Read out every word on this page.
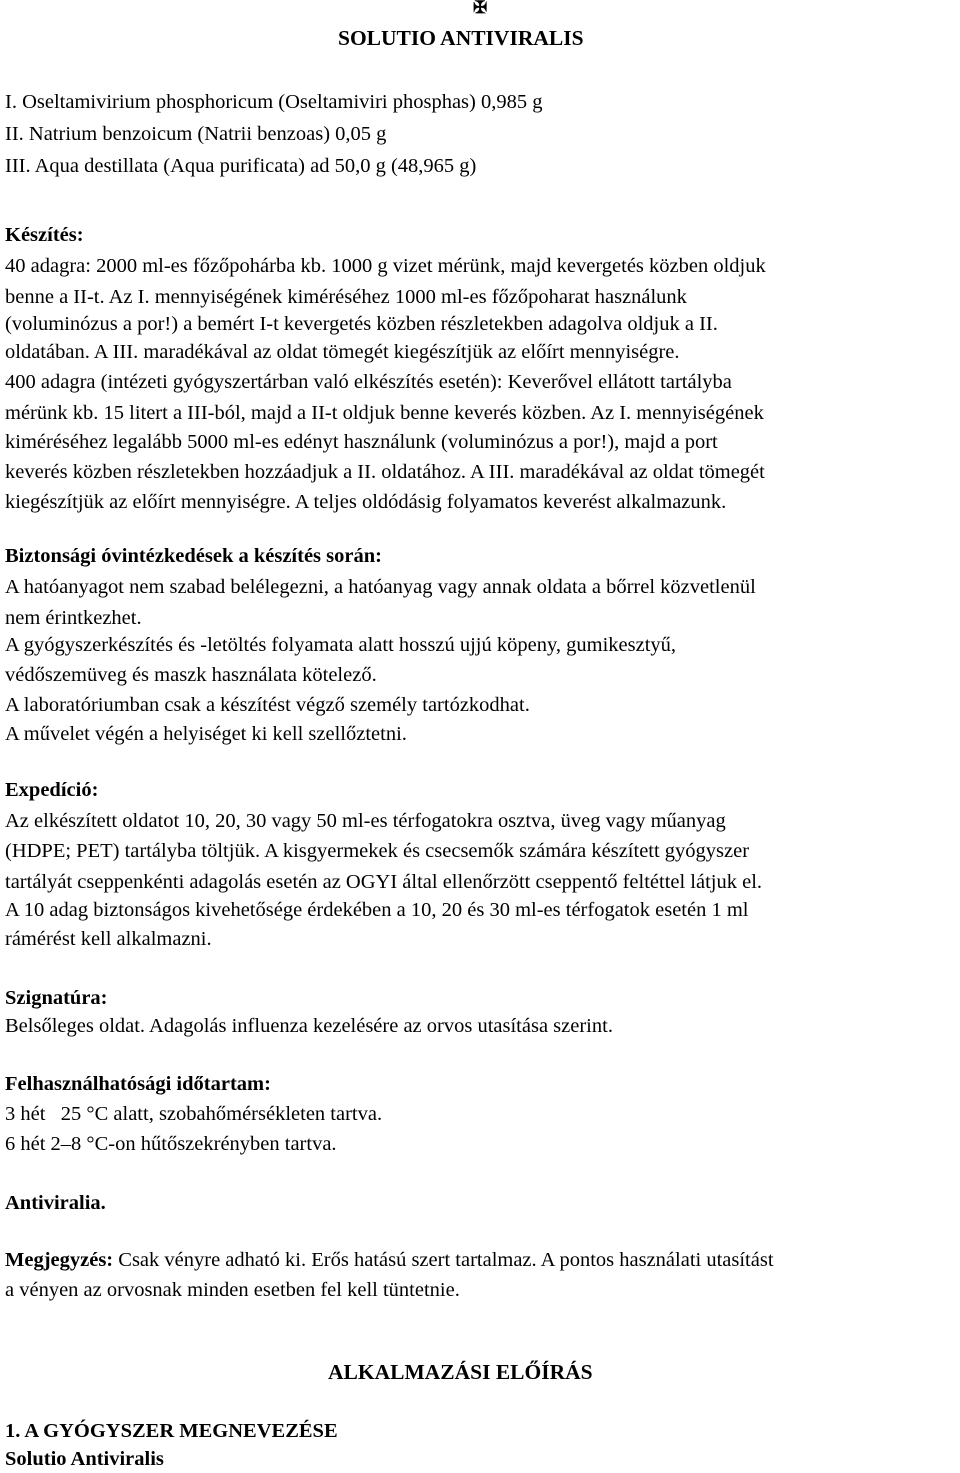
✠
SOLUTIO ANTIVIRALIS
I. Oseltamivirium phosphoricum (Oseltamiviri phosphas) 0,985 g
II. Natrium benzoicum (Natrii benzoas) 0,05 g
III. Aqua destillata (Aqua purificata) ad 50,0 g (48,965 g)
Készítés:
40 adagra: 2000 ml-es főzőpohárba kb. 1000 g vizet mérünk, majd kevergetés közben oldjuk
benne a II-t. Az I. mennyiségének kiméréséhez 1000 ml-es főzőpoharat használunk
(voluminózus a por!) a bemért I-t kevergetés közben részletekben adagolva oldjuk a II.
oldatában. A III. maradékával az oldat tömegét kiegészítjük az előírt mennyiségre.
400 adagra (intézeti gyógyszertárban való elkészítés esetén): Keverővel ellátott tartályba
mérünk kb. 15 litert a III-ból, majd a II-t oldjuk benne keverés közben. Az I. mennyiségének
kiméréséhez legalább 5000 ml-es edényt használunk (voluminózus a por!), majd a port
keverés közben részletekben hozzáadjuk a II. oldatához. A III. maradékával az oldat tömegét
kiegészítjük az előírt mennyiségre. A teljes oldódásig folyamatos keverést alkalmazunk.
Biztonsági óvintézkedések a készítés során:
A hatóanyagot nem szabad belélegezni, a hatóanyag vagy annak oldata a bőrrel közvetlenül
nem érintkezhet.
A gyógyszerkészítés és -letöltés folyamata alatt hosszú ujjú köpeny, gumikesztyű,
védőszemüveg és maszk használata kötelező.
A laboratóriumban csak a készítést végző személy tartózkodhat.
A művelet végén a helyiséget ki kell szellőztetni.
Expedíció:
Az elkészített oldatot 10, 20, 30 vagy 50 ml-es térfogatokra osztva, üveg vagy műanyag
(HDPE; PET) tartályba töltjük. A kisgyermekek és csecsemők számára készített gyógyszer
tartályát cseppenkénti adagolás esetén az OGYI által ellenőrzött cseppentő feltéttel látjuk el.
A 10 adag biztonságos kivehetősége érdekében a 10, 20 és 30 ml-es térfogatok esetén 1 ml
rámérést kell alkalmazni.
Szignatúra:
Belsőleges oldat. Adagolás influenza kezelésére az orvos utasítása szerint.
Felhasználhatósági időtartam:
3 hét   25 °C alatt, szobahőmérsékleten tartva.
6 hét 2–8 °C-on hűtőszekrényben tartva.
Antiviralia.
Megjegyzés: Csak vényre adható ki. Erős hatású szert tartalmaz. A pontos használati utasítást
a vényen az orvosnak minden esetben fel kell tüntetnie.
ALKALMAZÁSI ELŐÍRÁS
1. A GYÓGYSZER MEGNEVEZÉSE
Solutio Antiviralis
